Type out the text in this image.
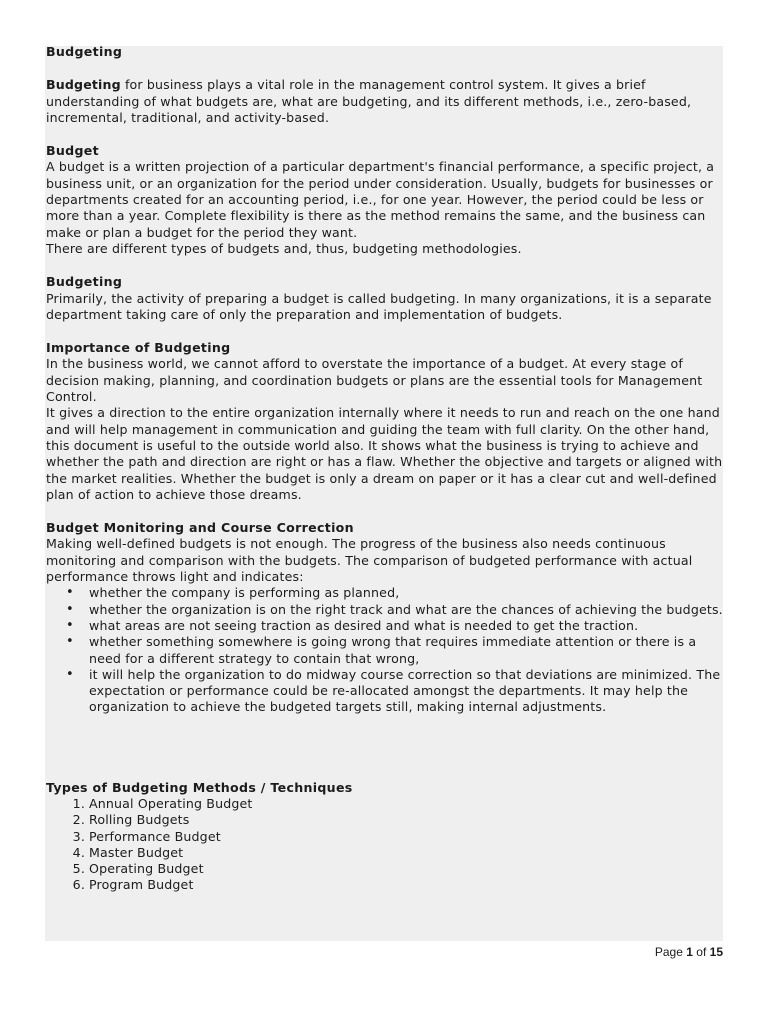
Budgeting

Budgeting for business plays a vital role in the management control system. It gives a brief understanding of what budgets are, what are budgeting, and its different methods, i.e., zero-based, incremental, traditional, and activity-based.

Budget

A budget is a written projection of a particular department's financial performance, a specific project, a business unit, or an organization for the period under consideration. Usually, budgets for businesses or departments created for an accounting period, i.e., for one year. However, the period could be less or more than a year. Complete flexibility is there as the method remains the same, and the business can make or plan a budget for the period they want.

There are different types of budgets and, thus, budgeting methodologies.

Budgeting

Primarily, the activity of preparing a budget is called budgeting. In many organizations, it is a separate department taking care of only the preparation and implementation of budgets.

Importance of Budgeting

In the business world, we cannot afford to overstate the importance of a budget. At every stage of decision making, planning, and coordination budgets or plans are the essential tools for Management Control.

It gives a direction to the entire organization internally where it needs to run and reach on the one hand and will help management in communication and guiding the team with full clarity. On the other hand, this document is useful to the outside world also. It shows what the business is trying to achieve and whether the path and direction are right or has a flaw. Whether the objective and targets or aligned with the market realities. Whether the budget is only a dream on paper or it has a clear cut and well-defined plan of action to achieve those dreams.

Budget Monitoring and Course Correction

Making well-defined budgets is not enough. The progress of the business also needs continuous monitoring and comparison with the budgets. The comparison of budgeted performance with actual performance throws light and indicates:

• whether the company is performing as planned,
• whether the organization is on the right track and what are the chances of achieving the budgets.
• what areas are not seeing traction as desired and what is needed to get the traction.
• whether something somewhere is going wrong that requires immediate attention or there is a need for a different strategy to contain that wrong,
• it will help the organization to do midway course correction so that deviations are minimized. The expectation or performance could be re-allocated amongst the departments. It may help the organization to achieve the budgeted targets still, making internal adjustments.
Types of Budgeting Methods / Techniques
1. Annual Operating Budget
2. Rolling Budgets
3. Performance Budget
4. Master Budget
5. Operating Budget
6. Program Budget
Page 1 of 15
